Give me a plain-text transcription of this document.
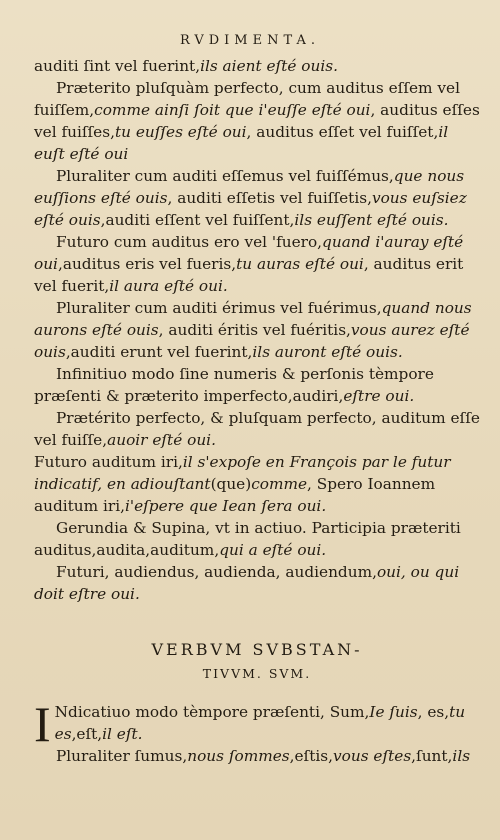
RVDIMENTA.

auditi ſint vel fuerint,ils aient eſté ouis.

Præterito pluſquàm perfecto, cum auditus eſſem vel fuiſſem,comme ainſi ſoit que i'euſſe eſté oui, auditus eſſes vel fuiſſes,tu euſſes eſté oui, auditus eſſet vel fuiſſet,il euſt eſté oui

Pluraliter cum auditi eſſemus vel fuiſſémus,que nous euſſions eſté ouis, auditi eſſetis vel fuiſſetis,vous euſsiez eſté ouis,auditi eſſent vel fuiſſent,ils euſſent eſté ouis.

Futuro cum auditus ero vel 'fuero,quand i'auray eſté oui,auditus eris vel fueris,tu auras eſté oui, auditus erit vel fuerit,il aura eſté oui.

Pluraliter cum auditi érimus vel fuérimus,quand nous aurons eſté ouis, auditi éritis vel fuéritis,vous aurez eſté ouis,auditi erunt vel fuerint,ils auront eſté ouis.

Infinitiuo modo ſine numeris & perſonis tèmpore præſenti & præterito imperfecto,audiri,eſtre oui.

Prætérito perfecto, & pluſquam perfecto, auditum eſſe vel fuiſſe,auoir eſté oui.

Futuro auditum iri,il s'expoſe en François par le futur indicatif, en adiouſtant(que)comme, Spero Ioannem auditum iri,i'eſpere que Iean ſera oui.

Gerundia & Supina, vt in actiuo. Participia præteriti auditus,audita,auditum,qui a eſté oui.

Futuri, audiendus, audienda, audiendum,oui, ou qui doit eſtre oui.

VERBVM SVBSTAN-
TIVVM. SVM.

I Ndicatiuo modo tèmpore præſenti, Sum,Ie ſuis, es,tu es,eſt,il eſt.

Pluraliter ſumus,nous ſommes,eſtis,vous eſtes,ſunt,ils
